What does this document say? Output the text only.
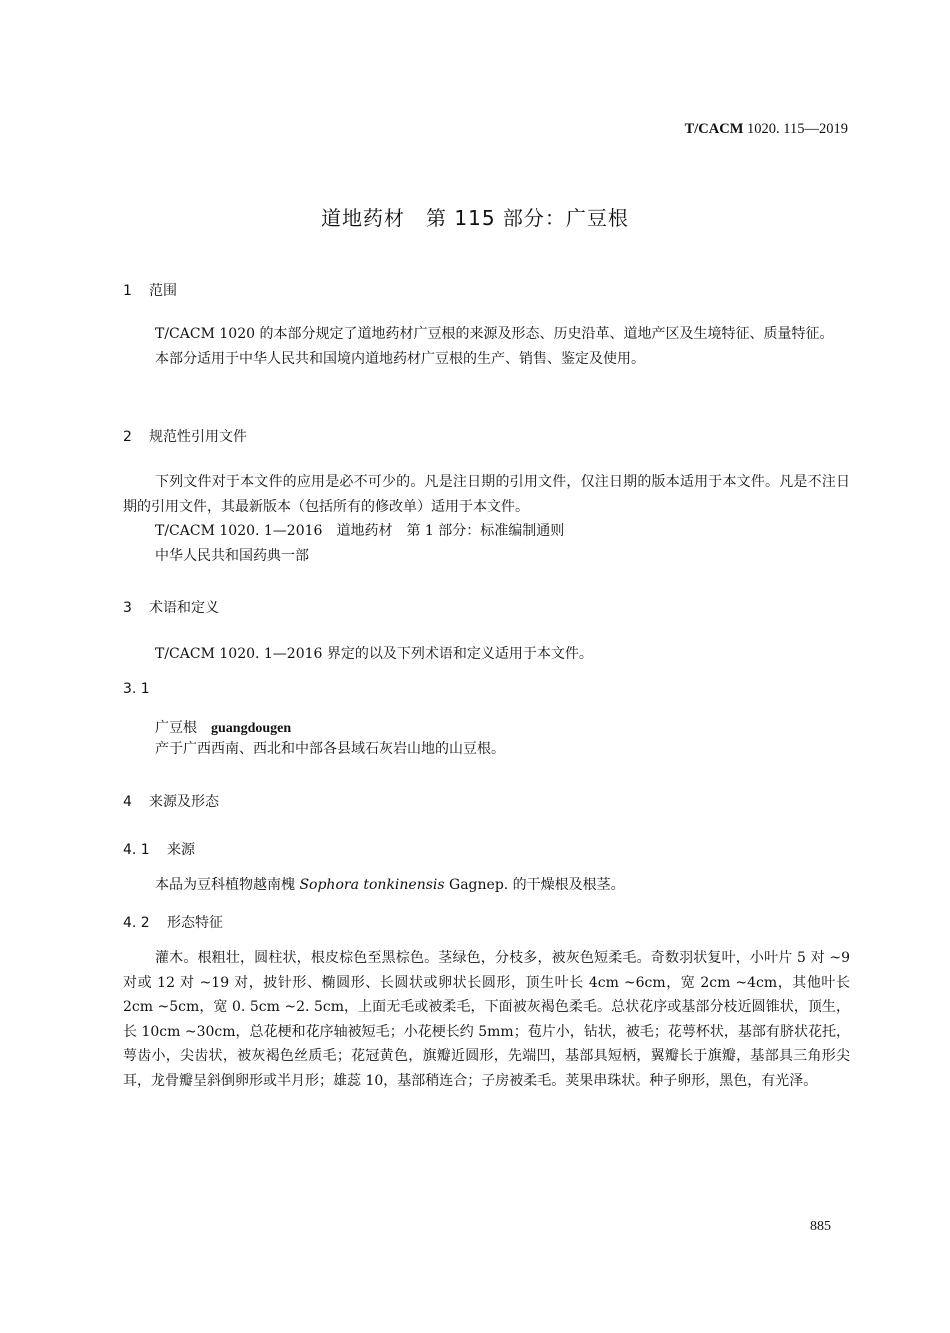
T/CACM 1020. 115—2019
道地药材　第 115 部分：广豆根
1 范围

T/CACM 1020 的本部分规定了道地药材广豆根的来源及形态、历史沿革、道地产区及生境特征、质量特征。

本部分适用于中华人民共和国境内道地药材广豆根的生产、销售、鉴定及使用。

2 规范性引用文件

下列文件对于本文件的应用是必不可少的。凡是注日期的引用文件，仅注日期的版本适用于本文件。凡是不注日期的引用文件，其最新版本（包括所有的修改单）适用于本文件。

T/CACM 1020. 1—2016　道地药材　第 1 部分：标准编制通则
中华人民共和国药典一部
3 术语和定义
T/CACM 1020. 1—2016 界定的以及下列术语和定义适用于本文件。
3. 1
广豆根 guangdougen
产于广西西南、西北和中部各县域石灰岩山地的山豆根。
4 来源及形态
4. 1 来源
本品为豆科植物越南槐 Sophora tonkinensis Gagnep. 的干燥根及根茎。
4. 2 形态特征

灌木。根粗壮，圆柱状，根皮棕色至黑棕色。茎绿色，分枝多，被灰色短柔毛。奇数羽状复叶，小叶片 5 对 ~9 对或 12 对 ~19 对，披针形、椭圆形、长圆状或卵状长圆形，顶生叶长 4cm ~6cm，宽 2cm ~4cm，其他叶长 2cm ~5cm，宽 0. 5cm ~2. 5cm，上面无毛或被柔毛，下面被灰褐色柔毛。总状花序或基部分枝近圆锥状，顶生，长 10cm ~30cm，总花梗和花序轴被短毛；小花梗长约 5mm；苞片小，钻状，被毛；花萼杯状，基部有脐状花托，萼齿小，尖齿状，被灰褐色丝质毛；花冠黄色，旗瓣近圆形，先端凹，基部具短柄，翼瓣长于旗瓣，基部具三角形尖耳，龙骨瓣呈斜倒卵形或半月形；雄蕊 10，基部稍连合；子房被柔毛。荚果串珠状。种子卵形，黑色，有光泽。

885
